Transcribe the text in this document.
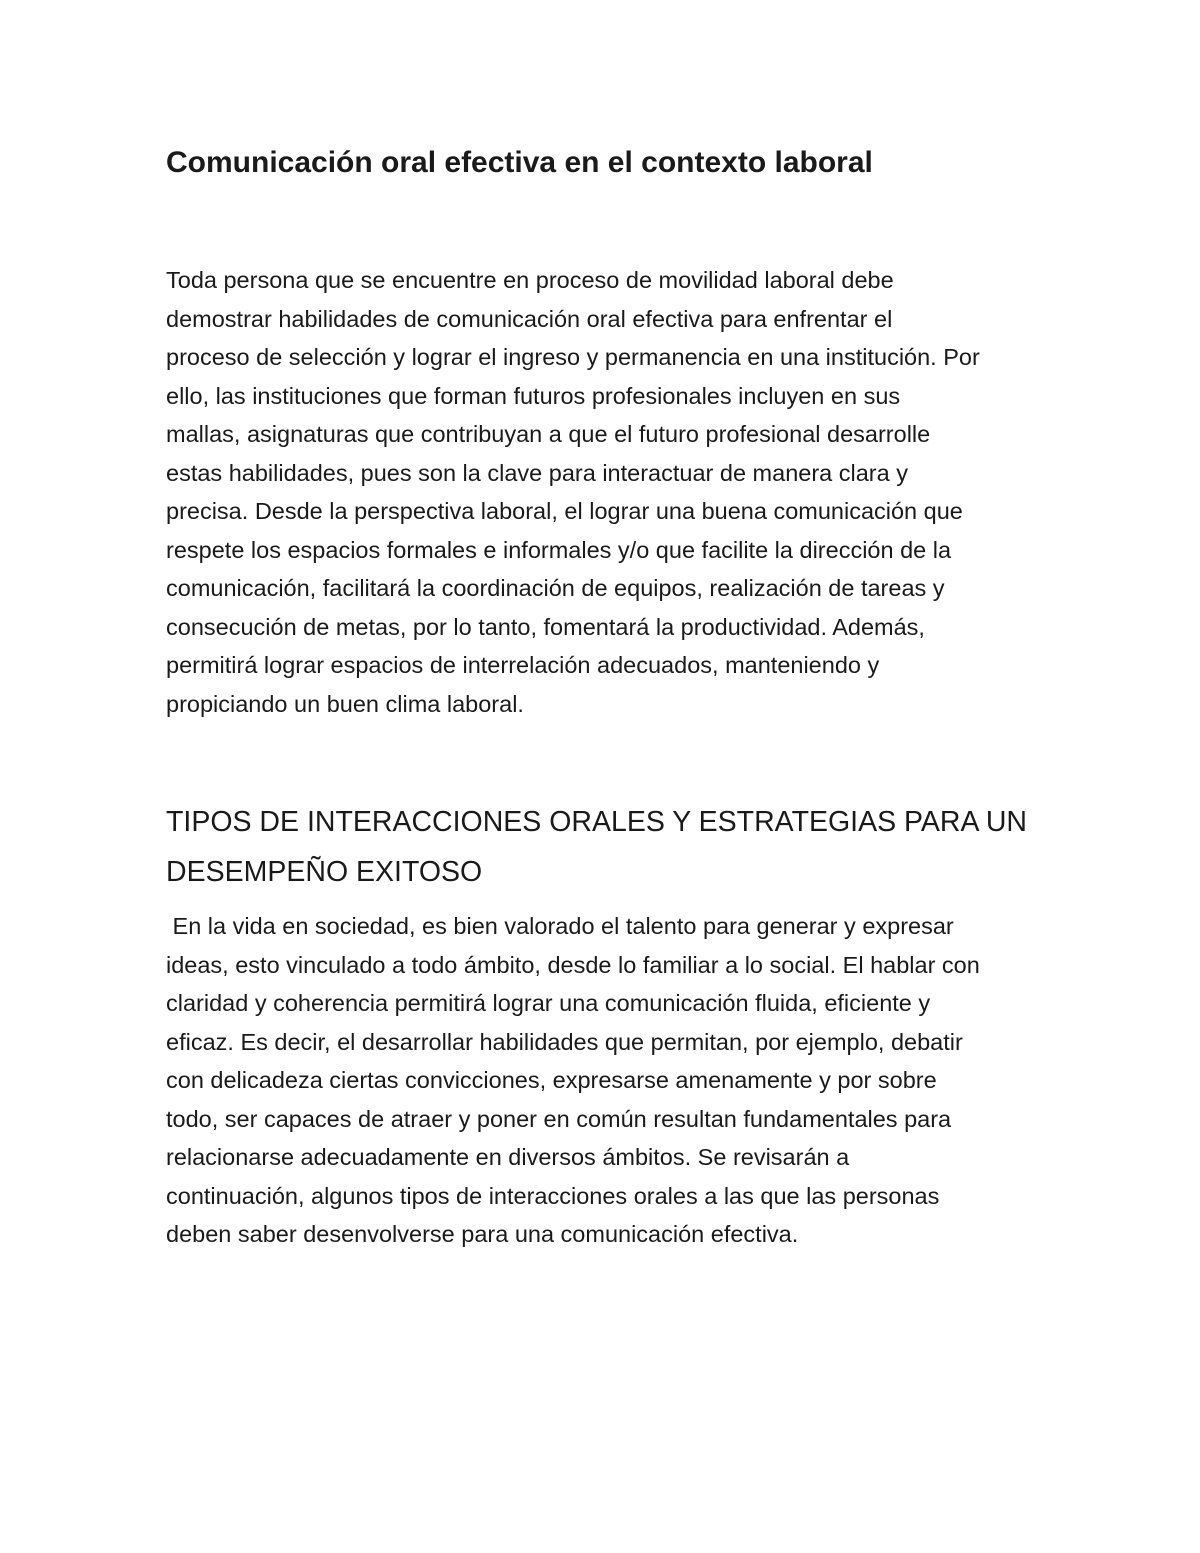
Comunicación oral efectiva en el contexto laboral

Toda persona que se encuentre en proceso de movilidad laboral debe
demostrar habilidades de comunicación oral efectiva para enfrentar el
proceso de selección y lograr el ingreso y permanencia en una institución. Por
ello, las instituciones que forman futuros profesionales incluyen en sus
mallas, asignaturas que contribuyan a que el futuro profesional desarrolle
estas habilidades, pues son la clave para interactuar de manera clara y
precisa. Desde la perspectiva laboral, el lograr una buena comunicación que
respete los espacios formales e informales y/o que facilite la dirección de la
comunicación, facilitará la coordinación de equipos, realización de tareas y
consecución de metas, por lo tanto, fomentará la productividad. Además,
permitirá lograr espacios de interrelación adecuados, manteniendo y
propiciando un buen clima laboral.

TIPOS DE INTERACCIONES ORALES Y ESTRATEGIAS PARA UN
DESEMPEÑO EXITOSO

En la vida en sociedad, es bien valorado el talento para generar y expresar
ideas, esto vinculado a todo ámbito, desde lo familiar a lo social. El hablar con
claridad y coherencia permitirá lograr una comunicación fluida, eficiente y
eficaz. Es decir, el desarrollar habilidades que permitan, por ejemplo, debatir
con delicadeza ciertas convicciones, expresarse amenamente y por sobre
todo, ser capaces de atraer y poner en común resultan fundamentales para
relacionarse adecuadamente en diversos ámbitos. Se revisarán a
continuación, algunos tipos de interacciones orales a las que las personas
deben saber desenvolverse para una comunicación efectiva.
